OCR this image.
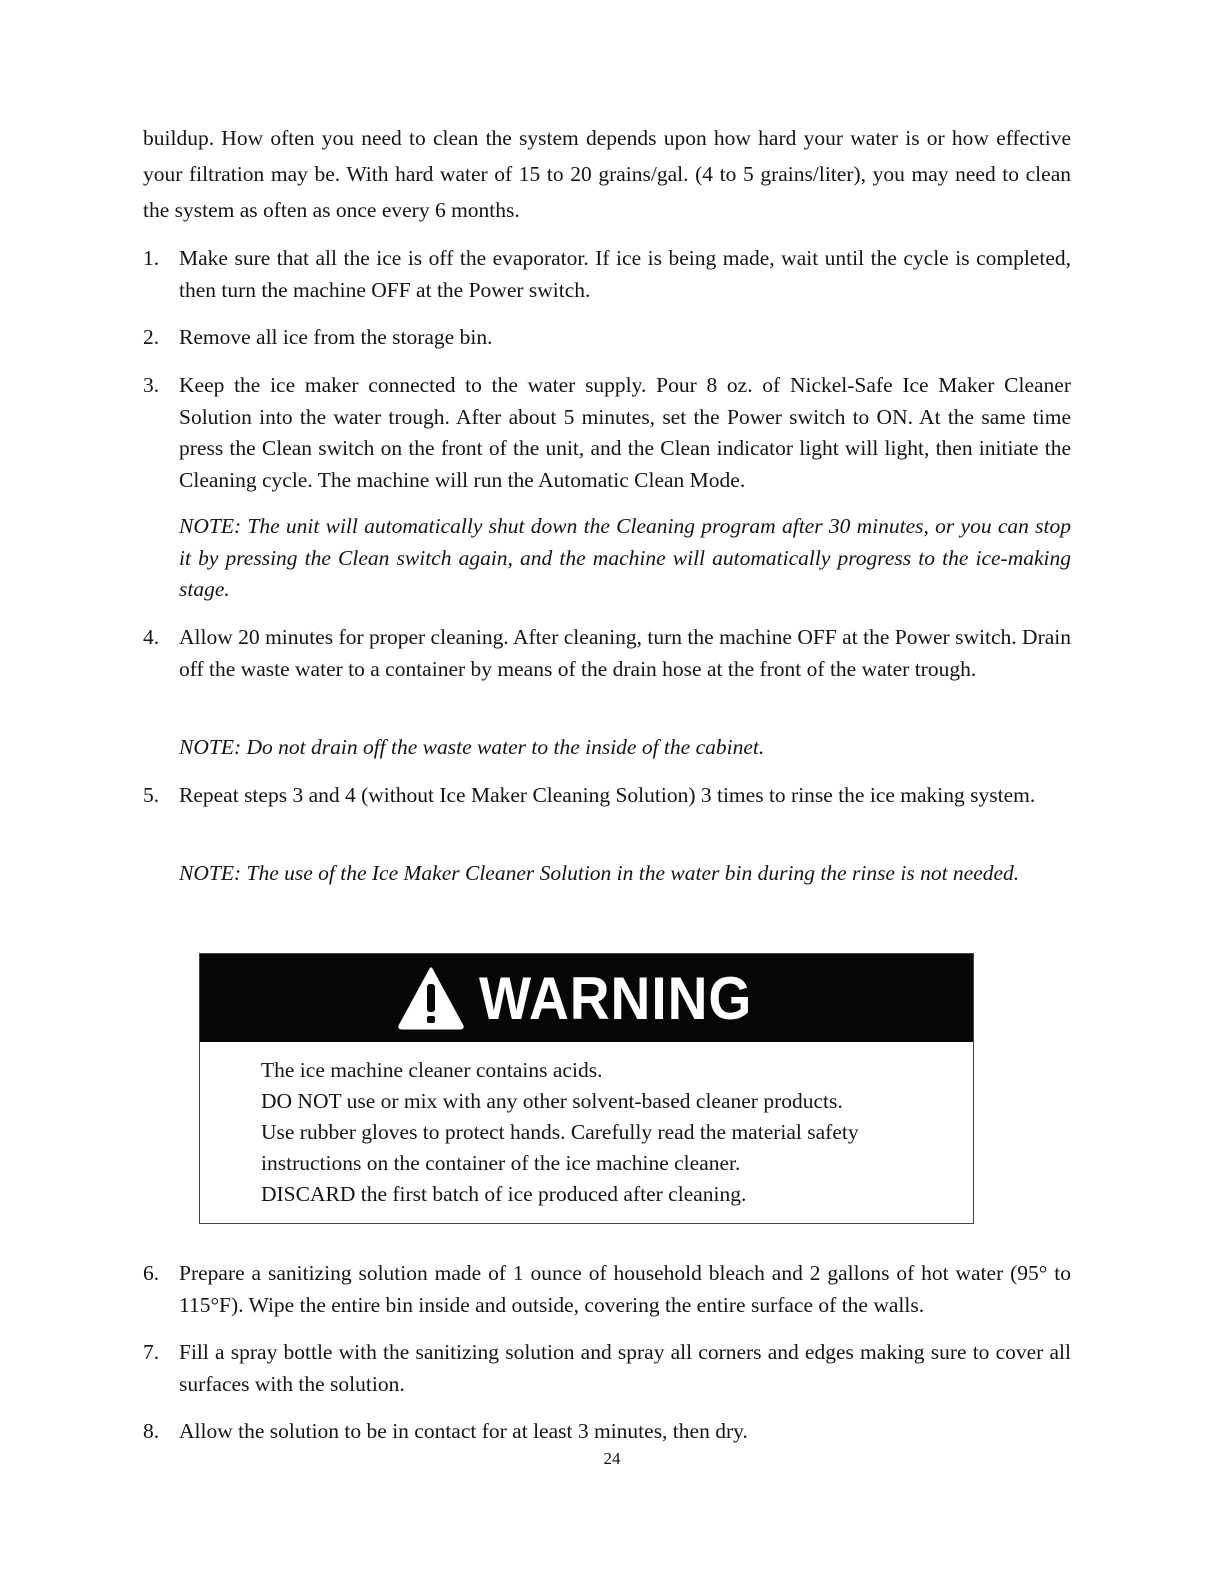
buildup. How often you need to clean the system depends upon how hard your water is or how effective your filtration may be. With hard water of 15 to 20 grains/gal. (4 to 5 grains/liter), you may need to clean the system as often as once every 6 months.

1. Make sure that all the ice is off the evaporator. If ice is being made, wait until the cycle is completed, then turn the machine OFF at the Power switch.
2. Remove all ice from the storage bin.
3. Keep the ice maker connected to the water supply. Pour 8 oz. of Nickel-Safe Ice Maker Cleaner Solution into the water trough. After about 5 minutes, set the Power switch to ON. At the same time press the Clean switch on the front of the unit, and the Clean indicator light will light, then initiate the Cleaning cycle. The machine will run the Automatic Clean Mode.

NOTE: The unit will automatically shut down the Cleaning program after 30 minutes, or you can stop it by pressing the Clean switch again, and the machine will automatically progress to the ice-making stage.

4. Allow 20 minutes for proper cleaning. After cleaning, turn the machine OFF at the Power switch. Drain off the waste water to a container by means of the drain hose at the front of the water trough.

NOTE: Do not drain off the waste water to the inside of the cabinet.

5. Repeat steps 3 and 4 (without Ice Maker Cleaning Solution) 3 times to rinse the ice making system.

NOTE: The use of the Ice Maker Cleaner Solution in the water bin during the rinse is not needed.

WARNING
The ice machine cleaner contains acids.
DO NOT use or mix with any other solvent-based cleaner products.
Use rubber gloves to protect hands. Carefully read the material safety
instructions on the container of the ice machine cleaner.
DISCARD the first batch of ice produced after cleaning.
6. Prepare a sanitizing solution made of 1 ounce of household bleach and 2 gallons of hot water (95° to 115°F). Wipe the entire bin inside and outside, covering the entire surface of the walls.
7. Fill a spray bottle with the sanitizing solution and spray all corners and edges making sure to cover all surfaces with the solution.
8. Allow the solution to be in contact for at least 3 minutes, then dry.
24
